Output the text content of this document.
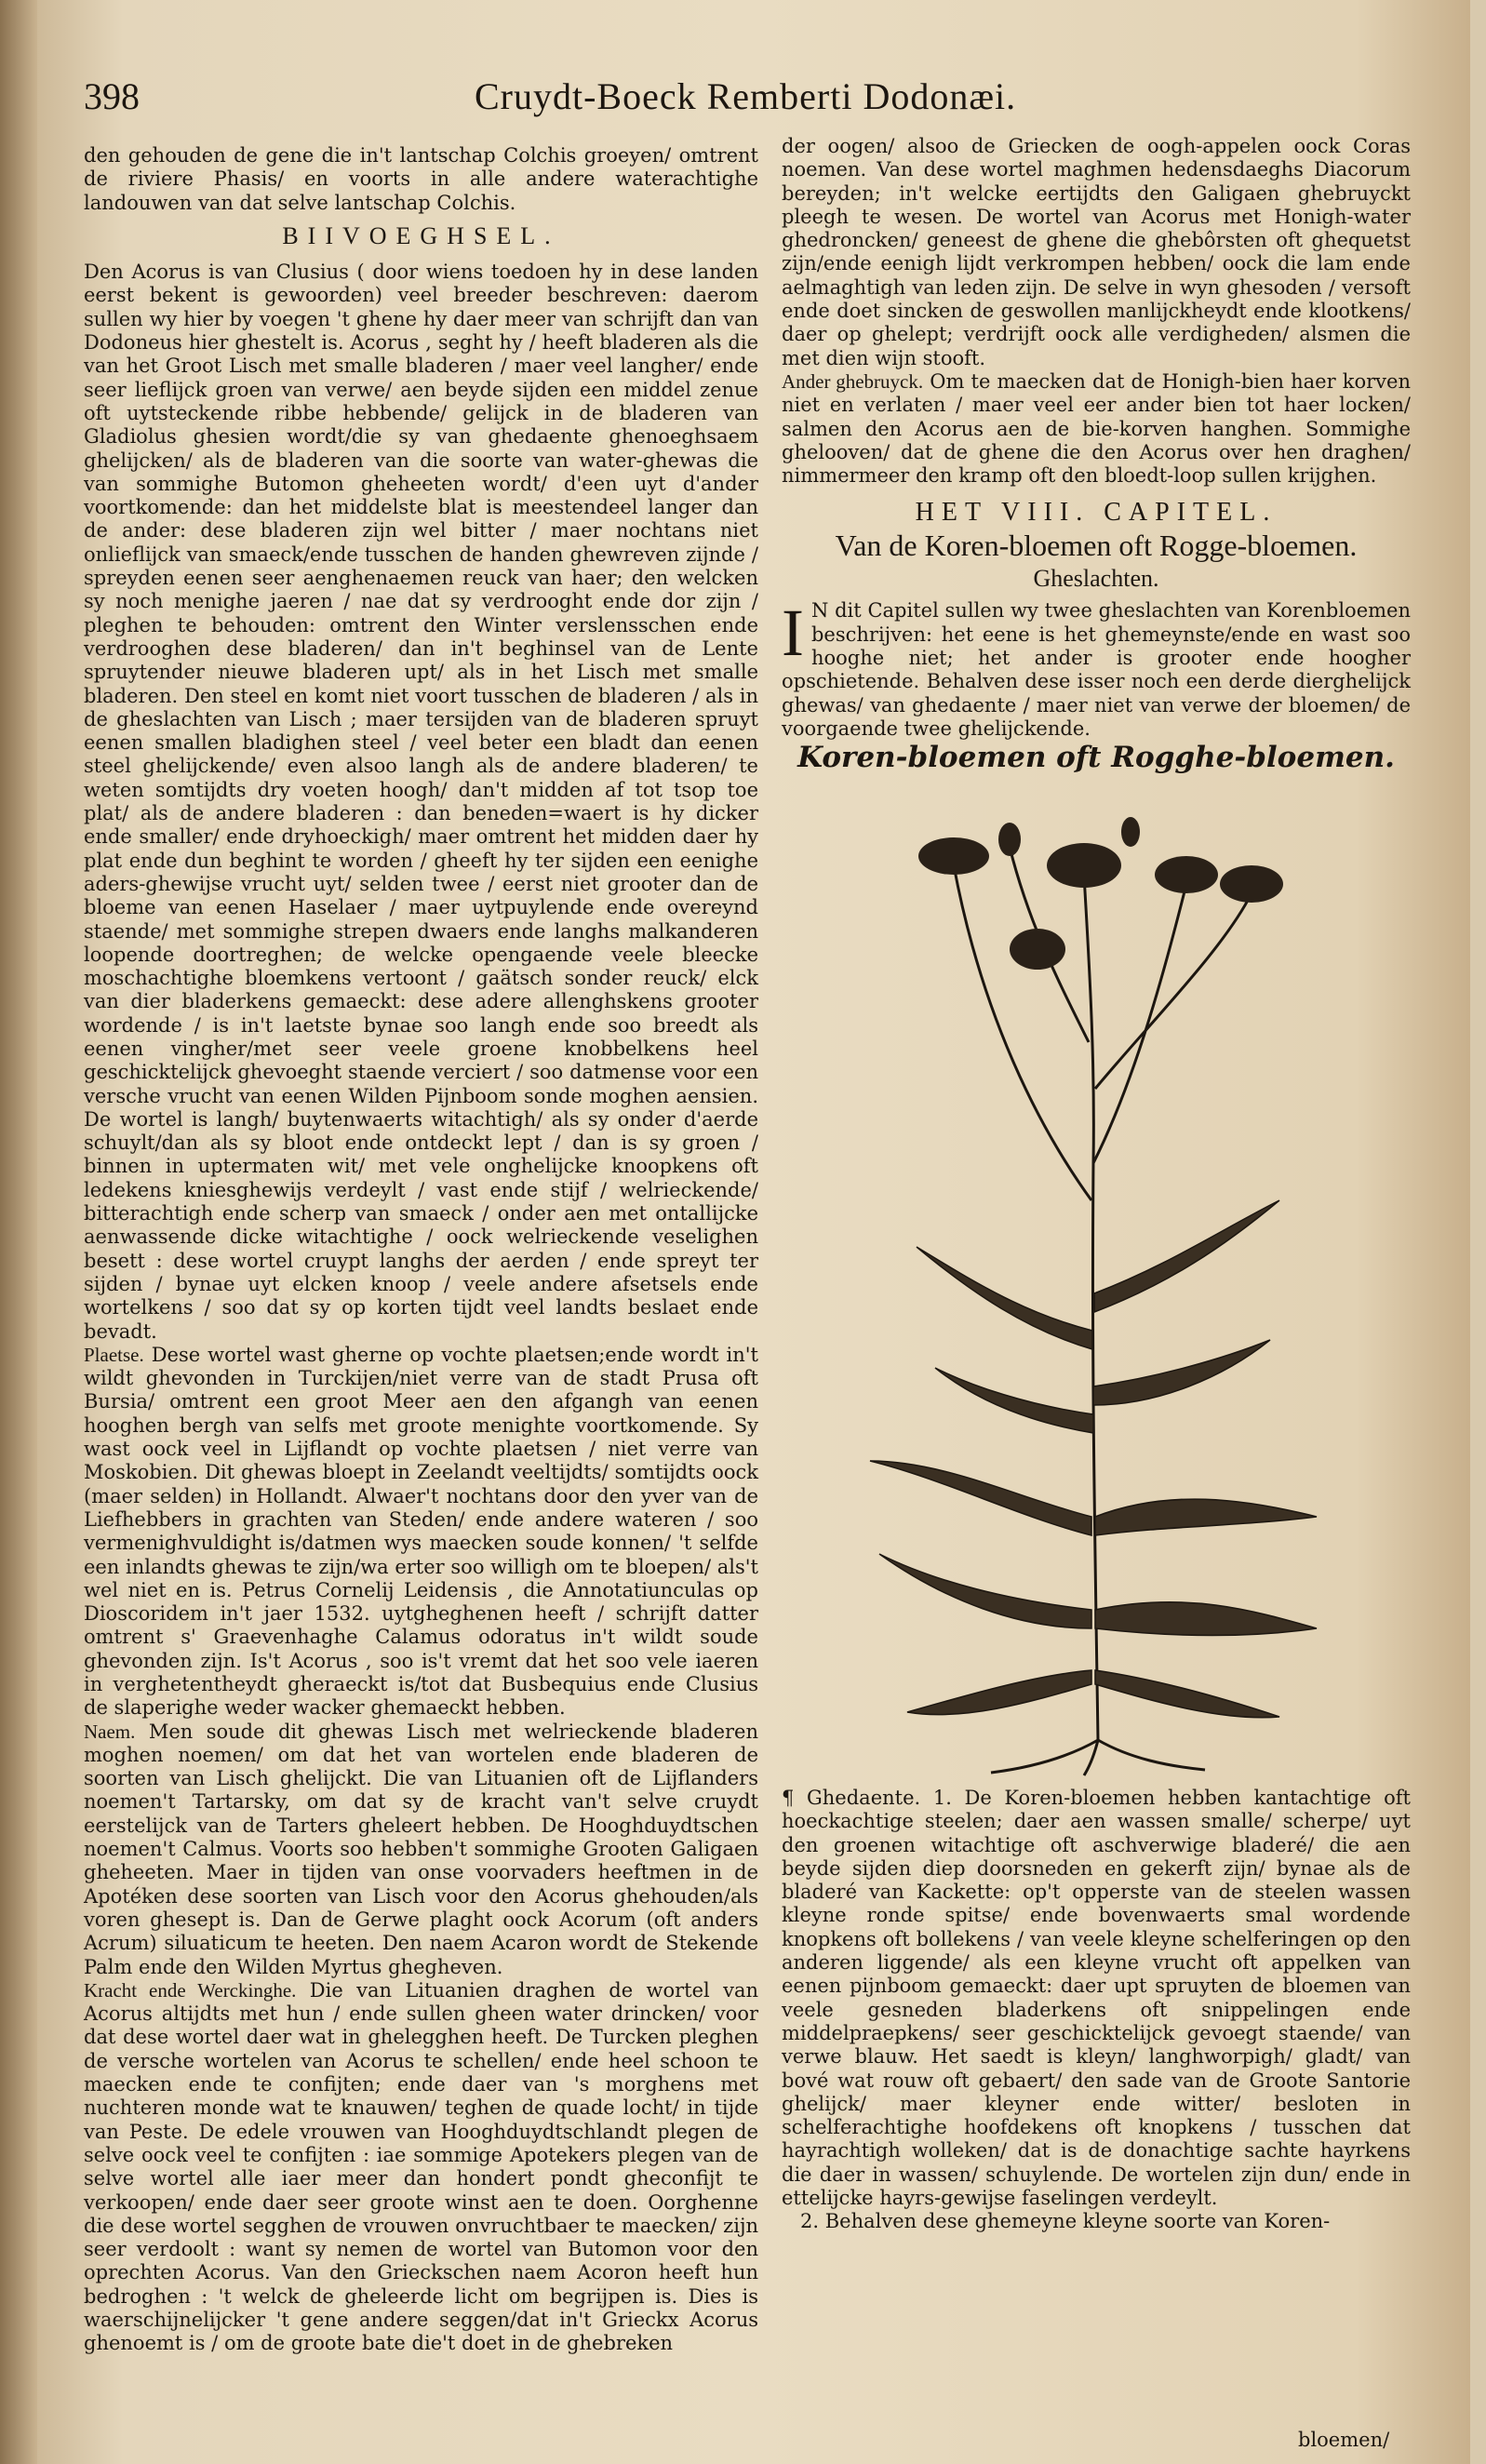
398	Cruydt-Boeck Remberti Dodonæi.

den gehouden de gene die in't lantschap Colchis groeyen/ omtrent de riviere Phasis/ en voorts in alle andere waterachtighe landouwen van dat selve lantschap Colchis.

BIIVOEGHSEL.

Den Acorus is van Clusius ( door wiens toedoen hy in dese landen eerst bekent is gewoorden) veel breeder beschreven: daerom sullen wy hier by voegen 't ghene hy daer meer van schrijft dan van Dodoneus hier ghestelt is. Acorus , seght hy / heeft bladeren als die van het Groot Lisch met smalle bladeren / maer veel langher/ ende seer lieflijck groen van verwe/ aen beyde sijden een middel zenue oft uytsteckende ribbe hebbende/ gelijck in de bladeren van Gladiolus ghesien wordt/die sy van ghedaente ghenoeghsaem ghelijcken/ als de bladeren van die soorte van water-ghewas die van sommighe Butomon gheheeten wordt/ d'een uyt d'ander voortkomende: dan het middelste blat is meestendeel langer dan de ander: dese bladeren zijn wel bitter / maer nochtans niet onlieflijck van smaeck/ende tusschen de handen ghewreven zijnde / spreyden eenen seer aenghenaemen reuck van haer; den welcken sy noch menighe jaeren / nae dat sy verdrooght ende dor zijn / pleghen te behouden: omtrent den Winter verslensschen ende verdrooghen dese bladeren/ dan in't beghinsel van de Lente spruytender nieuwe bladeren upt/ als in het Lisch met smalle bladeren. Den steel en komt niet voort tusschen de bladeren / als in de gheslachten van Lisch ; maer tersijden van de bladeren spruyt eenen smallen bladighen steel / veel beter een bladt dan eenen steel ghelijckende/ even alsoo langh als de andere bladeren/ te weten somtijdts dry voeten hoogh/ dan't midden af tot tsop toe plat/ als de andere bladeren : dan beneden=waert is hy dicker ende smaller/ ende dryhoeckigh/ maer omtrent het midden daer hy plat ende dun beghint te worden / gheeft hy ter sijden een eenighe aders-ghewijse vrucht uyt/ selden twee / eerst niet grooter dan de bloeme van eenen Haselaer / maer uytpuylende ende overeynd staende/ met sommighe strepen dwaers ende langhs malkanderen loopende doortreghen; de welcke opengaende veele bleecke moschachtighe bloemkens vertoont / gaätsch sonder reuck/ elck van dier bladerkens gemaeckt: dese adere allenghskens grooter wordende / is in't laetste bynae soo langh ende soo breedt als eenen vingher/met seer veele groene knobbelkens heel geschicktelijck ghevoeght staende verciert / soo datmense voor een versche vrucht van eenen Wilden Pijnboom sonde moghen aensien. De wortel is langh/ buytenwaerts witachtigh/ als sy onder d'aerde schuylt/dan als sy bloot ende ontdeckt lept / dan is sy groen / binnen in uptermaten wit/ met vele onghelijcke knoopkens oft ledekens kniesghewijs verdeylt / vast ende stijf / welrieckende/ bitterachtigh ende scherp van smaeck / onder aen met ontallijcke aenwassende dicke witachtighe / oock welrieckende veselighen besett : dese wortel cruypt langhs der aerden / ende spreyt ter sijden / bynae uyt elcken knoop / veele andere afsetsels ende wortelkens / soo dat sy op korten tijdt veel landts beslaet ende bevadt.

Plaetse. Dese wortel wast gherne op vochte plaetsen;ende wordt in't wildt ghevonden in Turckijen/niet verre van de stadt Prusa oft Bursia/ omtrent een groot Meer aen den afgangh van eenen hooghen bergh van selfs met groote menighte voortkomende. Sy wast oock veel in Lijflandt op vochte plaetsen / niet verre van Moskobien. Dit ghewas bloept in Zeelandt veeltijdts/ somtijdts oock (maer selden) in Hollandt. Alwaer't nochtans door den yver van de Liefhebbers in grachten van Steden/ ende andere wateren / soo vermenighvuldight is/datmen wys maecken soude konnen/ 't selfde een inlandts ghewas te zijn/wa erter soo willigh om te bloepen/ als't wel niet en is. Petrus Cornelij Leidensis , die Annotatiunculas op Dioscoridem in't jaer 1532. uytgheghenen heeft / schrijft datter omtrent s' Graevenhaghe Calamus odoratus in't wildt soude ghevonden zijn. Is't Acorus , soo is't vremt dat het soo vele iaeren in verghetentheydt gheraeckt is/tot dat Busbequius ende Clusius de slaperighe weder wacker ghemaeckt hebben.

Naem. Men soude dit ghewas Lisch met welrieckende bladeren moghen noemen/ om dat het van wortelen ende bladeren de soorten van Lisch ghelijckt. Die van Lituanien oft de Lijflanders noemen't Tartarsky, om dat sy de kracht van't selve cruydt eerstelijck van de Tarters gheleert hebben. De Hooghduydtschen noemen't Calmus. Voorts soo hebben't sommighe Grooten Galigaen gheheeten. Maer in tijden van onse voorvaders heeftmen in de Apotéken dese soorten van Lisch voor den Acorus ghehouden/als voren ghesept is. Dan de Gerwe plaght oock Acorum (oft anders Acrum) siluaticum te heeten. Den naem Acaron wordt de Stekende Palm ende den Wilden Myrtus ghegheven.

Kracht ende Werckinghe. Die van Lituanien draghen de wortel van Acorus altijdts met hun / ende sullen gheen water drincken/ voor dat dese wortel daer wat in ghelegghen heeft. De Turcken pleghen de versche wortelen van Acorus te schellen/ ende heel schoon te maecken ende te confijten; ende daer van 's morghens met nuchteren monde wat te knauwen/ teghen de quade locht/ in tijde van Peste. De edele vrouwen van Hooghduydtschlandt plegen de selve oock veel te confijten : iae sommige Apotekers plegen van de selve wortel alle iaer meer dan hondert pondt gheconfijt te verkoopen/ ende daer seer groote winst aen te doen. Oorghenne die dese wortel segghen de vrouwen onvruchtbaer te maecken/ zijn seer verdoolt : want sy nemen de wortel van Butomon voor den oprechten Acorus. Van den Grieckschen naem Acoron heeft hun bedroghen : 't welck de gheleerde licht om begrijpen is. Dies is waerschijnelijcker 't gene andere seggen/dat in't Grieckx Acorus ghenoemt is / om de groote bate die't doet in de ghebreken

der oogen/ alsoo de Griecken de oogh-appelen oock Coras noemen. Van dese wortel maghmen hedensdaeghs Diacorum bereyden; in't welcke eertijdts den Galigaen ghebruyckt pleegh te wesen. De wortel van Acorus met Honigh-water ghedroncken/ geneest de ghene die ghebôrsten oft ghequetst zijn/ende eenigh lijdt verkrompen hebben/ oock die lam ende aelmaghtigh van leden zijn. De selve in wyn ghesoden / versoft ende doet sincken de geswollen manlijckheydt ende klootkens/ daer op ghelept; verdrijft oock alle verdigheden/ alsmen die met dien wijn stooft.

Ander ghebruyck. Om te maecken dat de Honigh-bien haer korven niet en verlaten / maer veel eer ander bien tot haer locken/ salmen den Acorus aen de bie-korven hanghen. Sommighe ghelooven/ dat de ghene die den Acorus over hen draghen/ nimmermeer den kramp oft den bloedt-loop sullen krijghen.

HET VIII. CAPITEL.
Van de Koren-bloemen oft Rogge-bloemen.
Gheslachten.

I N dit Capitel sullen wy twee gheslachten van Korenbloemen beschrijven: het eene is het ghemeynste/ende en wast soo hooghe niet; het ander is grooter ende hoogher opschietende. Behalven dese isser noch een derde dierghelijck ghewas/ van ghedaente / maer niet van verwe der bloemen/ de voorgaende twee ghelijckende.

Koren-bloemen oft Rogghe-bloemen.

¶ Ghedaente. 1. De Koren-bloemen hebben kantachtige oft hoeckachtige steelen; daer aen wassen smalle/ scherpe/ uyt den groenen witachtige oft aschverwige bladeré/ die aen beyde sijden diep doorsneden en gekerft zijn/ bynae als de bladeré van Kackette: op't opperste van de steelen wassen kleyne ronde spitse/ ende bovenwaerts smal wordende knopkens oft bollekens / van veele kleyne schelferingen op den anderen liggende/ als een kleyne vrucht oft appelken van eenen pijnboom gemaeckt: daer upt spruyten de bloemen van veele gesneden bladerkens oft snippelingen ende middelpraepkens/ seer geschicktelijck gevoegt staende/ van verwe blauw. Het saedt is kleyn/ langhworpigh/ gladt/ van bové wat rouw oft gebaert/ den sade van de Groote Santorie ghelijck/ maer kleyner ende witter/ besloten in schelferachtighe hoofdekens oft knopkens / tusschen dat hayrachtigh wolleken/ dat is de donachtige sachte hayrkens die daer in wassen/ schuylende. De wortelen zijn dun/ ende in ettelijcke hayrs-gewijse faselingen verdeylt.

2. Behalven dese ghemeyne kleyne soorte van Koren-

bloemen/
